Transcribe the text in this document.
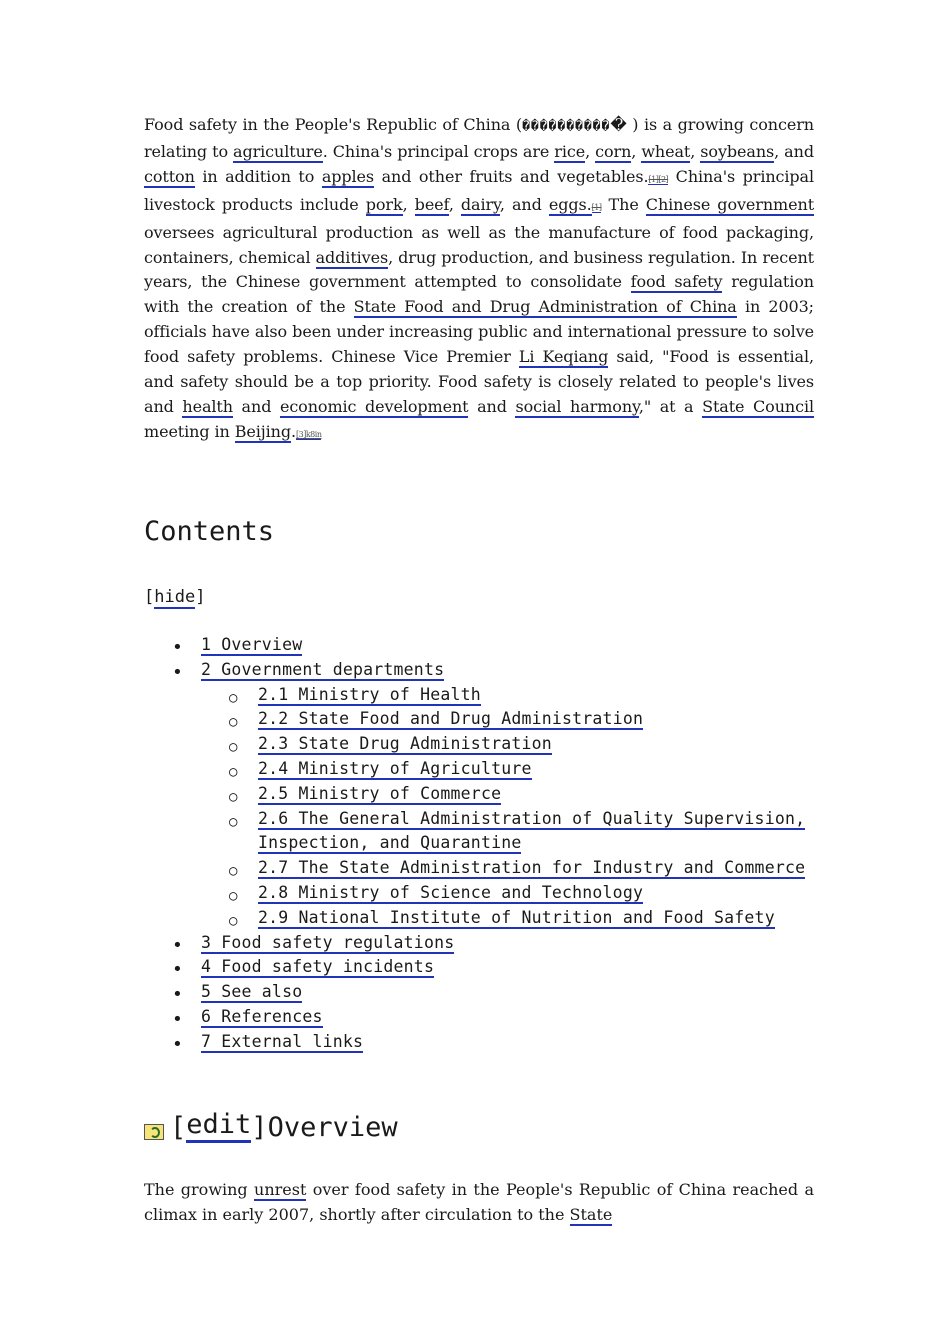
Food safety in the People's Republic of China (����������� ) is a growing concern relating to agriculture. China's principal crops are rice, corn, wheat, soybeans, and cotton in addition to apples and other fruits and vegetables.[1][2] China's principal livestock products include pork, beef, dairy, and eggs.[1] The Chinese government oversees agricultural production as well as the manufacture of food packaging, containers, chemical additives, drug production, and business regulation. In recent years, the Chinese government attempted to consolidate food safety regulation with the creation of the State Food and Drug Administration of China in 2003; officials have also been under increasing public and international pressure to solve food safety problems. Chinese Vice Premier Li Keqiang said, "Food is essential, and safety should be a top priority. Food safety is closely related to people's lives and health and economic development and social harmony," at a State Council meeting in Beijing.[3]k8in

Contents
[hide]
• 1 Overview
• 2 Government departments
○ 2.1 Ministry of Health
○ 2.2 State Food and Drug Administration
○ 2.3 State Drug Administration
○ 2.4 Ministry of Agriculture
○ 2.5 Ministry of Commerce
○ 2.6 The General Administration of Quality Supervision, Inspection, and Quarantine
○ 2.7 The State Administration for Industry and Commerce
○ 2.8 Ministry of Science and Technology
○ 2.9 National Institute of Nutrition and Food Safety
• 3 Food safety regulations
• 4 Food safety incidents
• 5 See also
• 6 References
• 7 External links
[ edit ] Overview

The growing unrest over food safety in the People's Republic of China reached a climax in early 2007, shortly after circulation to the State
